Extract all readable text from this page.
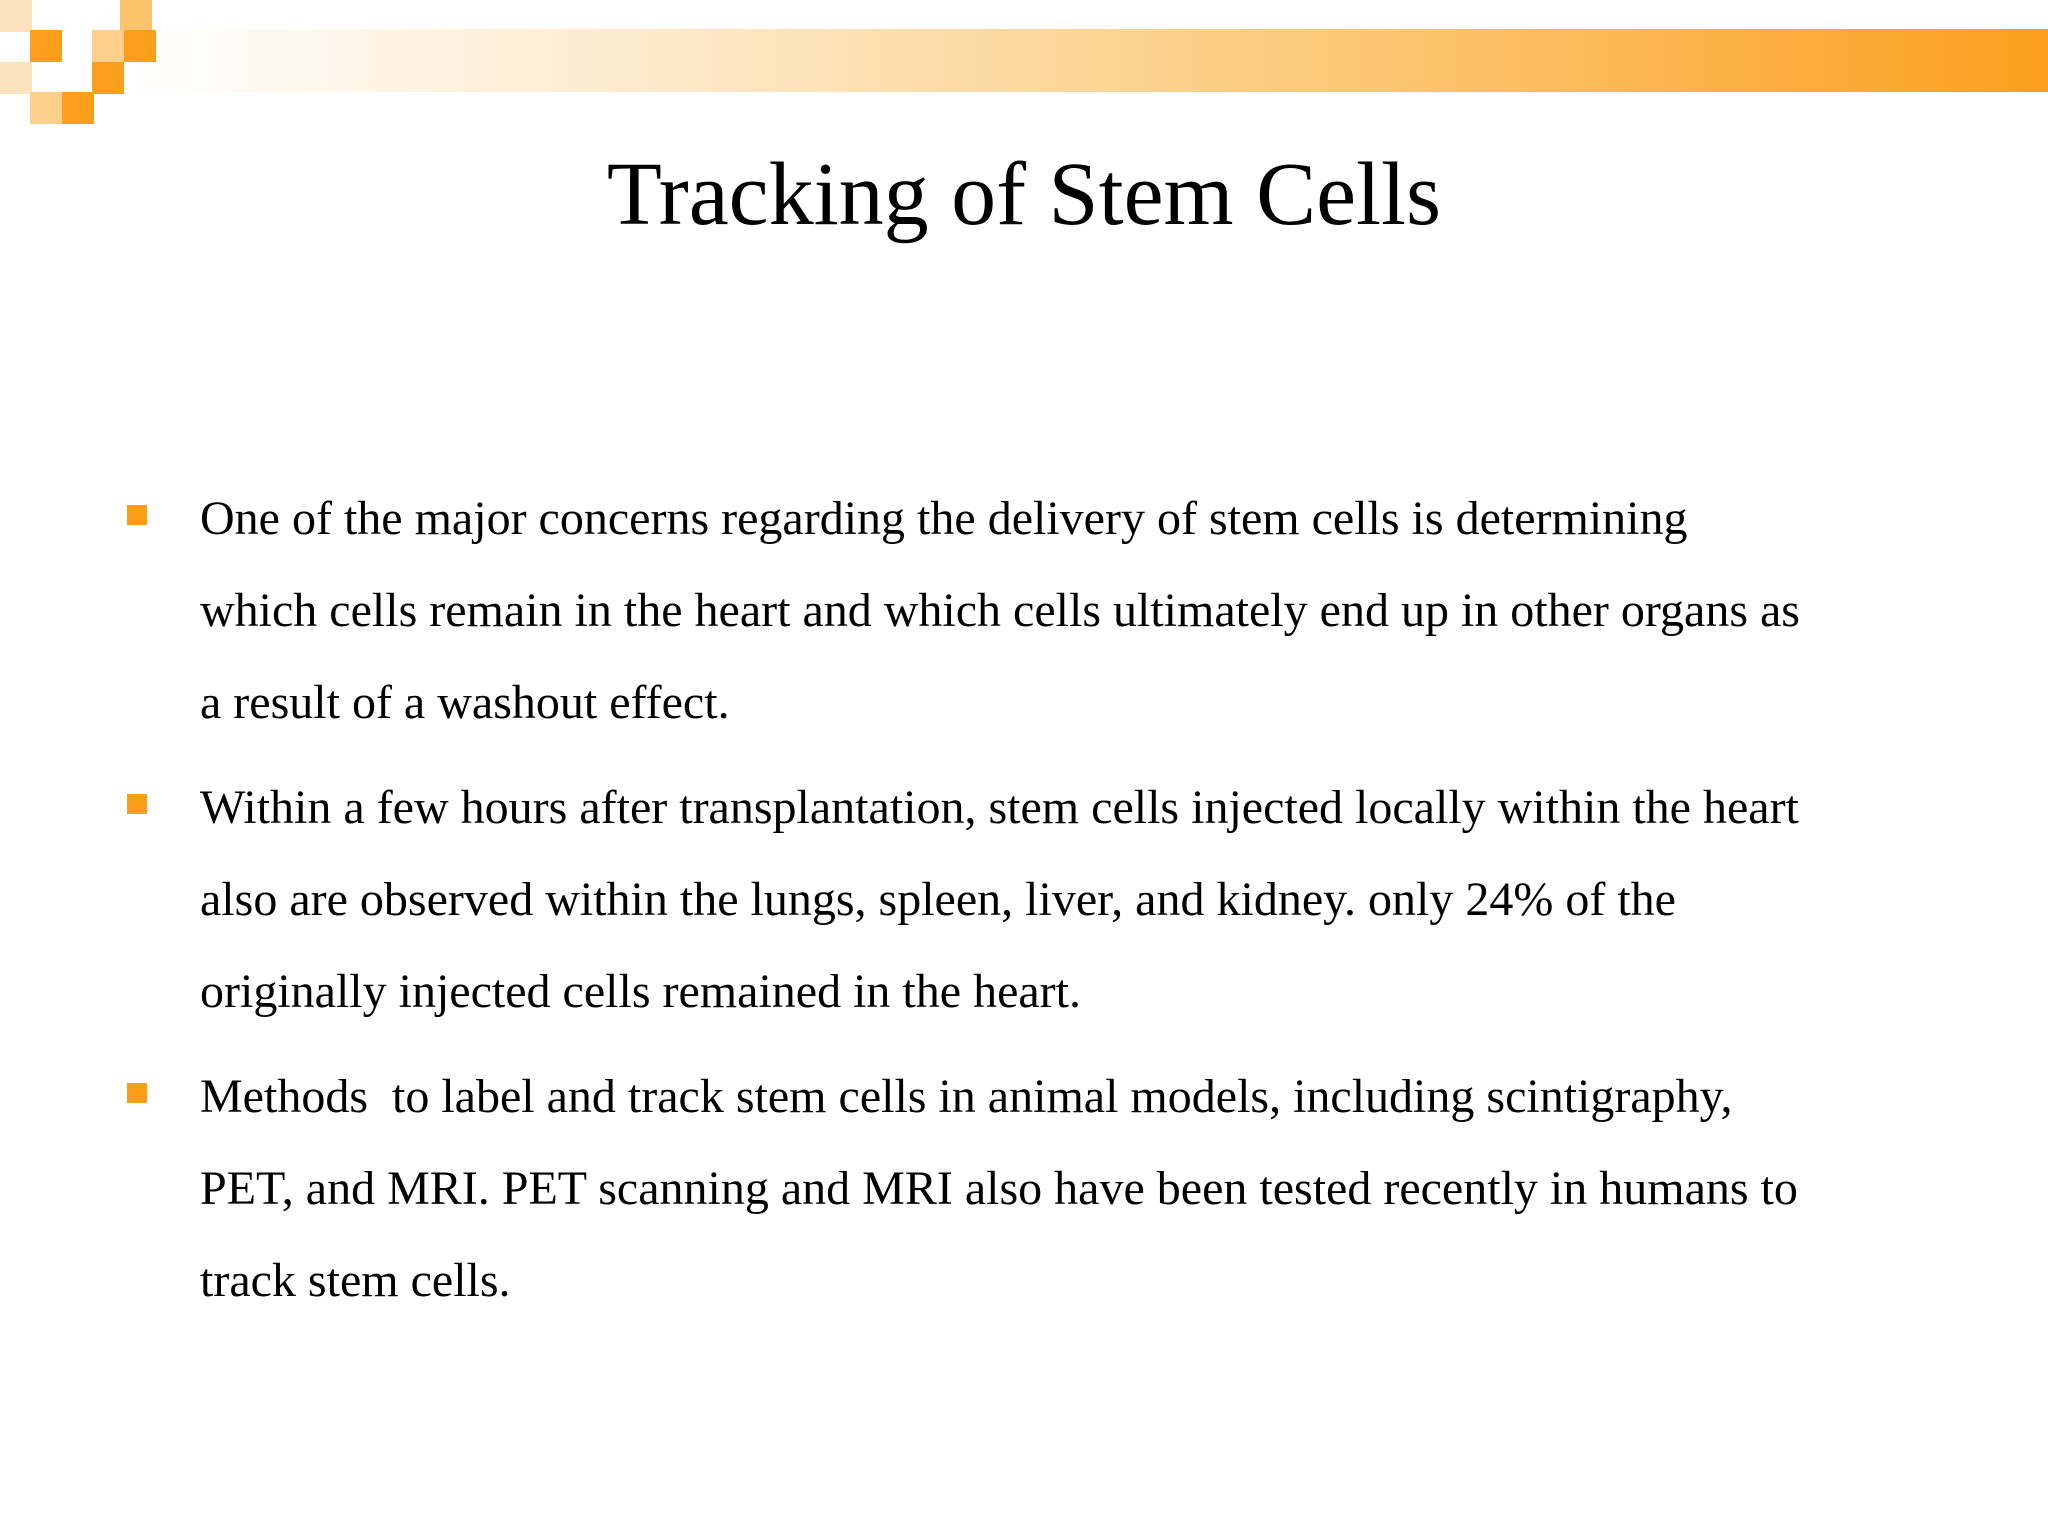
Tracking of Stem Cells
One of the major concerns regarding the delivery of stem cells is determining
which cells remain in the heart and which cells ultimately end up in other organs as
a result of a washout effect.
Within a few hours after transplantation, stem cells injected locally within the heart
also are observed within the lungs, spleen, liver, and kidney. only 24% of the
originally injected cells remained in the heart.
Methods  to label and track stem cells in animal models, including scintigraphy,
PET, and MRI. PET scanning and MRI also have been tested recently in humans to
track stem cells.
